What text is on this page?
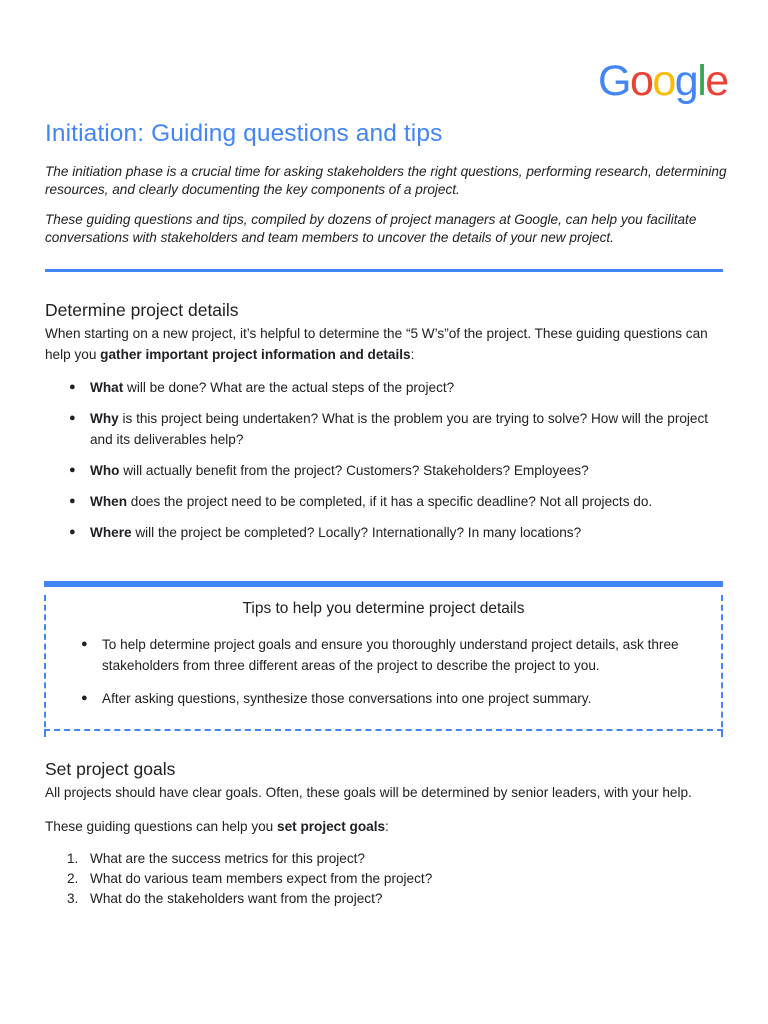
Google
Initiation: Guiding questions and tips

The initiation phase is a crucial time for asking stakeholders the right questions, performing research, determining resources, and clearly documenting the key components of a project.

These guiding questions and tips, compiled by dozens of project managers at Google, can help you facilitate conversations with stakeholders and team members to uncover the details of your new project.

Determine project details

When starting on a new project, it’s helpful to determine the “5 W’s”of the project. These guiding questions can help you gather important project information and details:

● What will be done? What are the actual steps of the project?
● Why is this project being undertaken? What is the problem you are trying to solve? How will the project and its deliverables help?
● Who will actually benefit from the project? Customers? Stakeholders? Employees?
● When does the project need to be completed, if it has a specific deadline? Not all projects do.
● Where will the project be completed? Locally? Internationally? In many locations?

Tips to help you determine project details

● To help determine project goals and ensure you thoroughly understand project details, ask three stakeholders from three different areas of the project to describe the project to you.
● After asking questions, synthesize those conversations into one project summary.
Set project goals

All projects should have clear goals. Often, these goals will be determined by senior leaders, with your help.

These guiding questions can help you set project goals:

1. What are the success metrics for this project?
2. What do various team members expect from the project?
3. What do the stakeholders want from the project?
